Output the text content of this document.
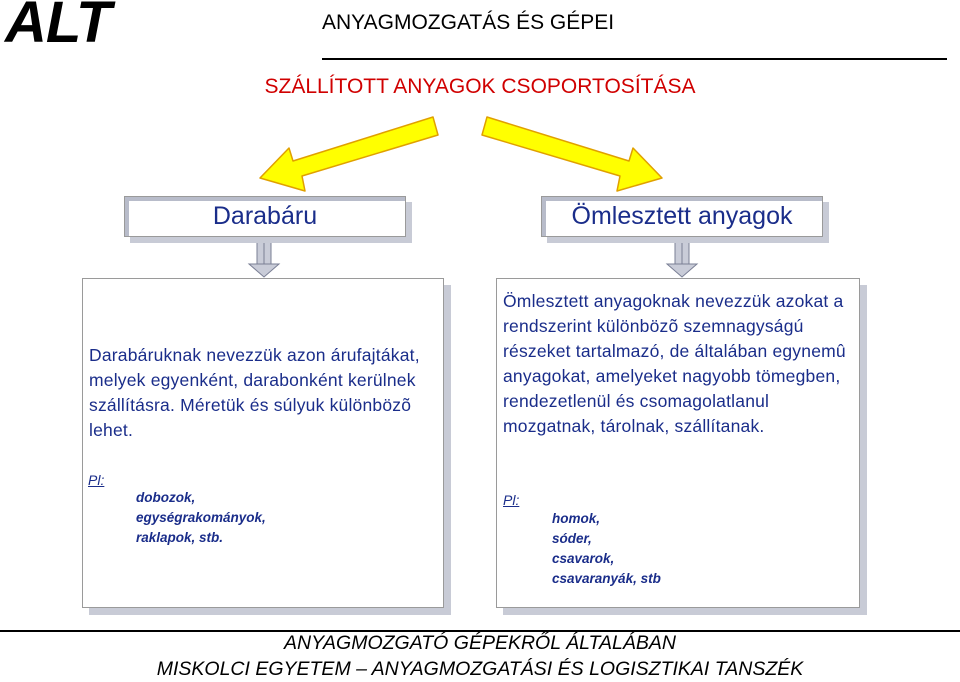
ALT	ANYAGMOZGATÁS ÉS GÉPEI
SZÁLLÍTOTT ANYAGOK CSOPORTOSÍTÁSA
Darabáru	Ömlesztett anyagok

Darabáruknak nevezzük azon árufajtákat, melyek egyenként, darabonként kerülnek szállításra. Méretük és súlyuk különbözõ lehet.

Pl:
dobozok,
egységrakományok,
raklapok, stb.

Ömlesztett anyagoknak nevezzük azokat a rendszerint különbözõ szemnagyságú részeket tartalmazó, de általában egynemû anyagokat, amelyeket nagyobb tömegben, rendezetlenül és csomagolatlanul mozgatnak, tárolnak, szállítanak.

Pl:
homok,
sóder,
csavarok,
csavaranyák, stb
ANYAGMOZGATÓ GÉPEKRŐL ÁLTALÁBAN
MISKOLCI EGYETEM – ANYAGMOZGATÁSI ÉS LOGISZTIKAI TANSZÉK
